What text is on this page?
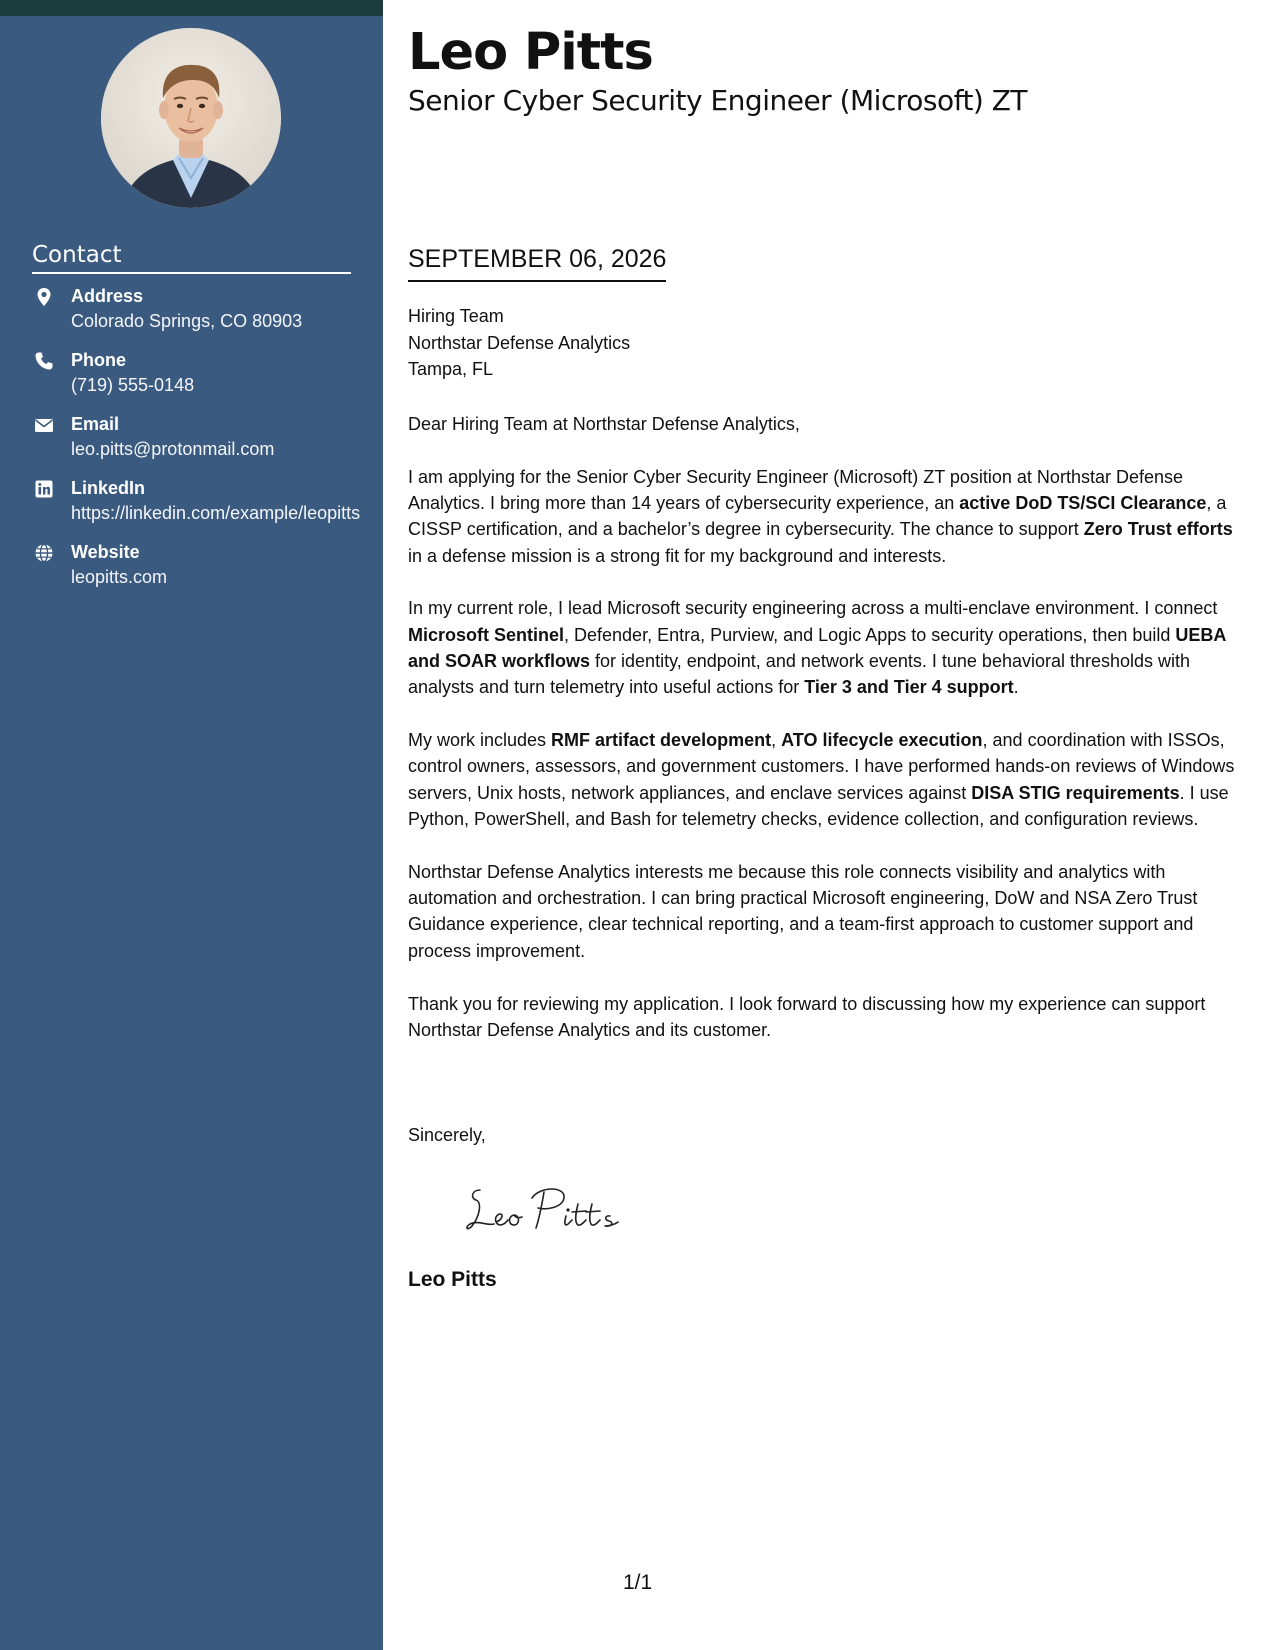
Contact
Address
Colorado Springs, CO 80903
Phone
(719) 555-0148
Email
leo.pitts@protonmail.com
LinkedIn
https://linkedin.com/example/leopitts
Website
leopitts.com
Leo Pitts
Senior Cyber Security Engineer (Microsoft) ZT
SEPTEMBER 06, 2026
Hiring Team
Northstar Defense Analytics
Tampa, FL

Dear Hiring Team at Northstar Defense Analytics,

I am applying for the Senior Cyber Security Engineer (Microsoft) ZT position at Northstar Defense Analytics. I bring more than 14 years of cybersecurity experience, an active DoD TS/SCI Clearance, a CISSP certification, and a bachelor’s degree in cybersecurity. The chance to support Zero Trust efforts in a defense mission is a strong fit for my background and interests.

In my current role, I lead Microsoft security engineering across a multi-enclave environment. I connect Microsoft Sentinel, Defender, Entra, Purview, and Logic Apps to security operations, then build UEBA and SOAR workflows for identity, endpoint, and network events. I tune behavioral thresholds with analysts and turn telemetry into useful actions for Tier 3 and Tier 4 support.

My work includes RMF artifact development, ATO lifecycle execution, and coordination with ISSOs, control owners, assessors, and government customers. I have performed hands-on reviews of Windows servers, Unix hosts, network appliances, and enclave services against DISA STIG requirements. I use Python, PowerShell, and Bash for telemetry checks, evidence collection, and configuration reviews.

Northstar Defense Analytics interests me because this role connects visibility and analytics with automation and orchestration. I can bring practical Microsoft engineering, DoW and NSA Zero Trust Guidance experience, clear technical reporting, and a team-first approach to customer support and process improvement.

Thank you for reviewing my application. I look forward to discussing how my experience can support Northstar Defense Analytics and its customer.

Sincerely,
Leo Pitts
Leo Pitts
1/1
